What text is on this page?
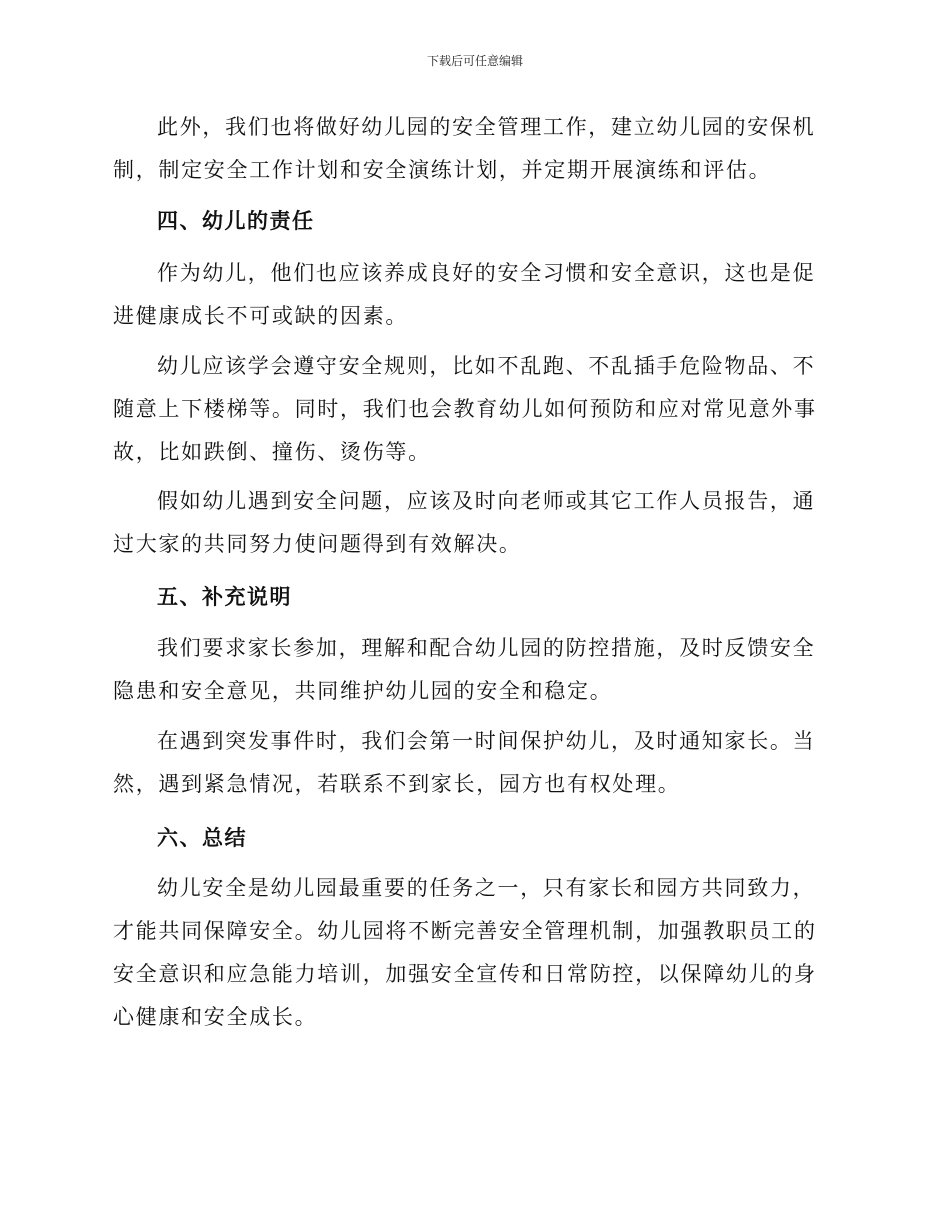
下载后可任意编辑

此外，我们也将做好幼儿园的安全管理工作，建立幼儿园的安保机制，制定安全工作计划和安全演练计划，并定期开展演练和评估。

四、幼儿的责任

作为幼儿，他们也应该养成良好的安全习惯和安全意识，这也是促进健康成长不可或缺的因素。

幼儿应该学会遵守安全规则，比如不乱跑、不乱插手危险物品、不随意上下楼梯等。同时，我们也会教育幼儿如何预防和应对常见意外事故，比如跌倒、撞伤、烫伤等。

假如幼儿遇到安全问题，应该及时向老师或其它工作人员报告，通过大家的共同努力使问题得到有效解决。

五、补充说明

我们要求家长参加，理解和配合幼儿园的防控措施，及时反馈安全隐患和安全意见，共同维护幼儿园的安全和稳定。

在遇到突发事件时，我们会第一时间保护幼儿，及时通知家长。当然，遇到紧急情况，若联系不到家长，园方也有权处理。

六、总结

幼儿安全是幼儿园最重要的任务之一，只有家长和园方共同致力，才能共同保障安全。幼儿园将不断完善安全管理机制，加强教职员工的安全意识和应急能力培训，加强安全宣传和日常防控，以保障幼儿的身心健康和安全成长。
